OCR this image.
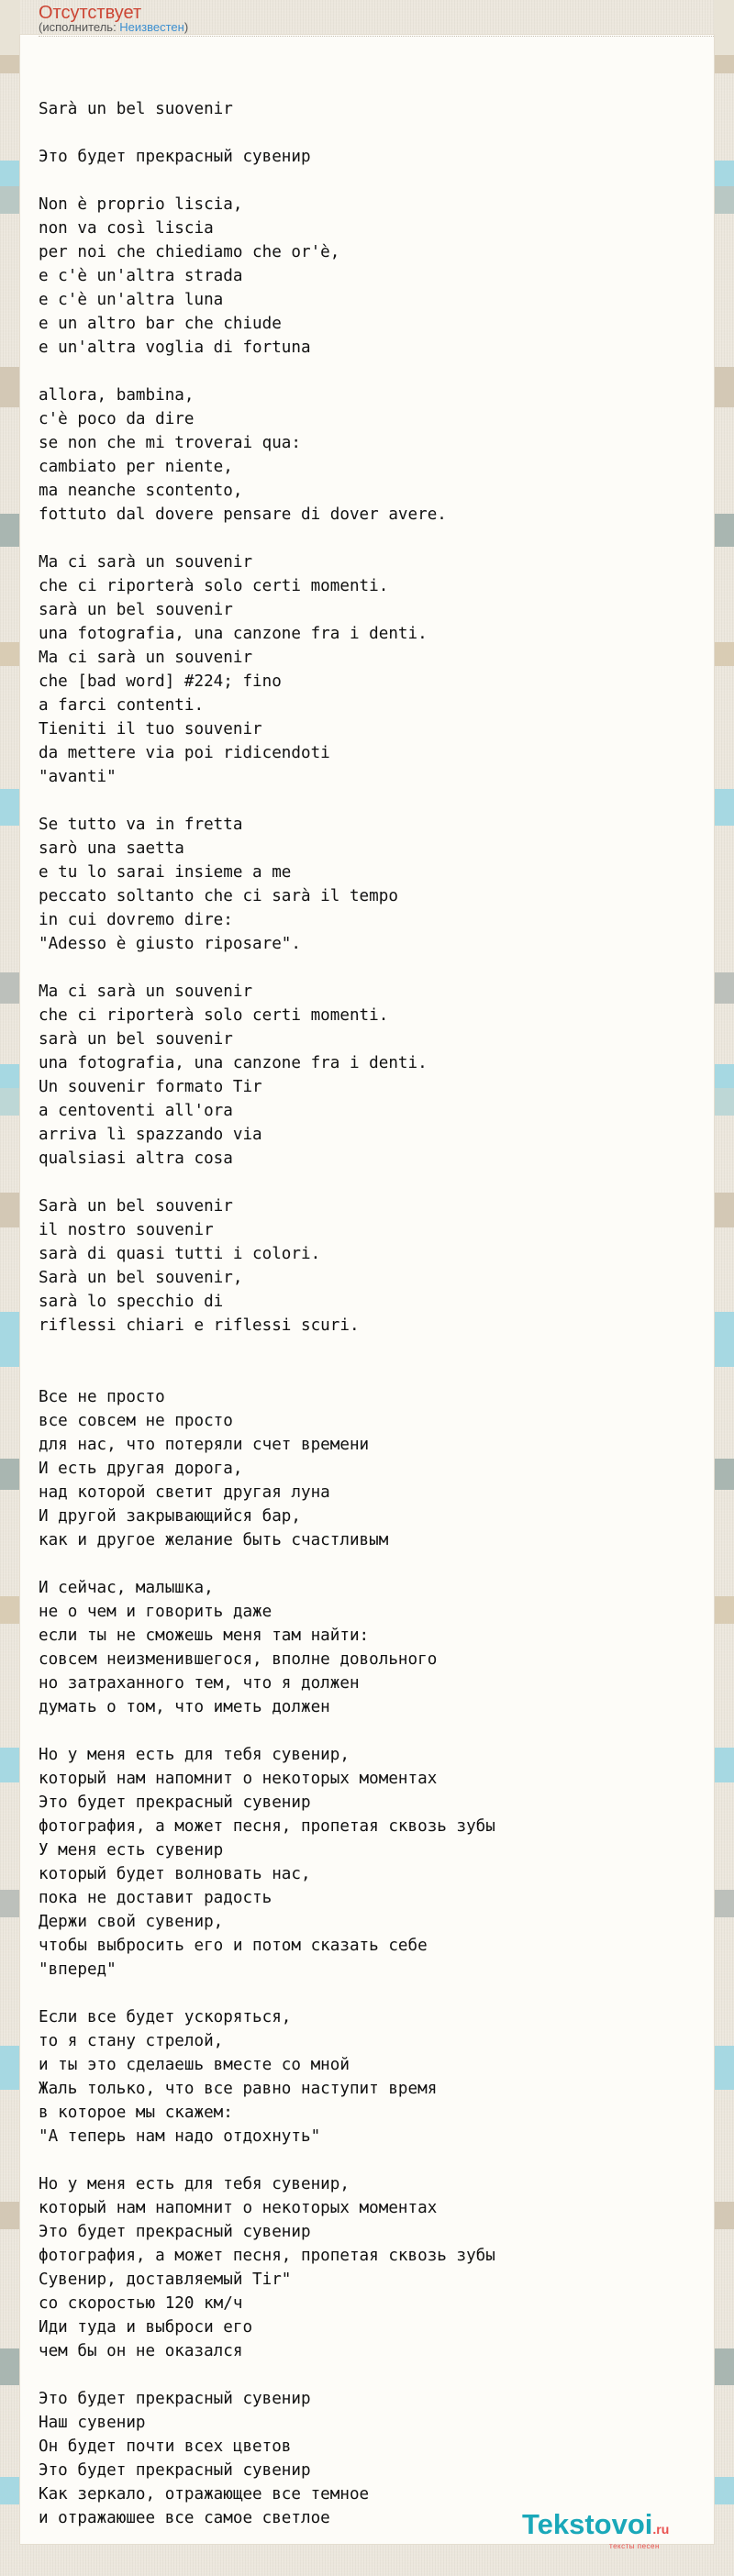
Отсутствует
(исполнитель: Неизвестен)
Sarà un bel suovenir

Это будет прекрасный сувенир

Non è proprio liscia,
non va così liscia
per noi che chiediamo che or'è,
e c'è un'altra strada
e c'è un'altra luna
e un altro bar che chiude
e un'altra voglia di fortuna

allora, bambina,
c'è poco da dire
se non che mi troverai qua:
cambiato per niente,
ma neanche scontento,
fottuto dal dovere pensare di dover avere.

Ma ci sarà un souvenir
che ci riporterà solo certi momenti.
sarà un bel souvenir
una fotografia, una canzone fra i denti.
Ma ci sarà un souvenir
che [bad word] #224; fino
a farci contenti.
Tieniti il tuo souvenir
da mettere via poi ridicendoti
"avanti"

Se tutto va in fretta
sarò una saetta
e tu lo sarai insieme a me
peccato soltanto che ci sarà il tempo
in cui dovremo dire:
"Adesso è giusto riposare".

Ma ci sarà un souvenir
che ci riporterà solo certi momenti.
sarà un bel souvenir
una fotografia, una canzone fra i denti.
Un souvenir formato Tir
a centoventi all'ora
arriva lì spazzando via
qualsiasi altra cosa

Sarà un bel souvenir
il nostro souvenir
sarà di quasi tutti i colori.
Sarà un bel souvenir,
sarà lo specchio di
riflessi chiari e riflessi scuri.

Все не просто
все совсем не просто
для нас, что потеряли счет времени
И есть другая дорога,
над которой светит другая луна
И другой закрывающийся бар,
как и другое желание быть счастливым

И сейчас, малышка,
не о чем и говорить даже
если ты не сможешь меня там найти:
совсем неизменившегося, вполне довольного
но затраханного тем, что я должен
думать о том, что иметь должен

Но у меня есть для тебя сувенир,
который нам напомнит о некоторых моментах
Это будет прекрасный сувенир
фотография, а может песня, пропетая сквозь зубы
У меня есть сувенир
который будет волновать нас,
пока не доставит радость
Держи свой сувенир,
чтобы выбросить его и потом сказать себе
"вперед"

Если все будет ускоряться,
то я стану стрелой,
и ты это сделаешь вместе со мной
Жаль только, что все равно наступит время
в которое мы скажем:
"А теперь нам надо отдохнуть"

Но у меня есть для тебя сувенир,
который нам напомнит о некоторых моментах
Это будет прекрасный сувенир
фотография, а может песня, пропетая сквозь зубы
Сувенир, доставляемый Tir"
со скоростью 120 км/ч
Иди туда и выброси его
чем бы он не оказался

Это будет прекрасный сувенир
Наш сувенир
Он будет почти всех цветов
Это будет прекрасный сувенир
Как зеркало, отражающее все темное
и отражаюшее все самое светлое	Tekstovoi.ru
тексты песен
